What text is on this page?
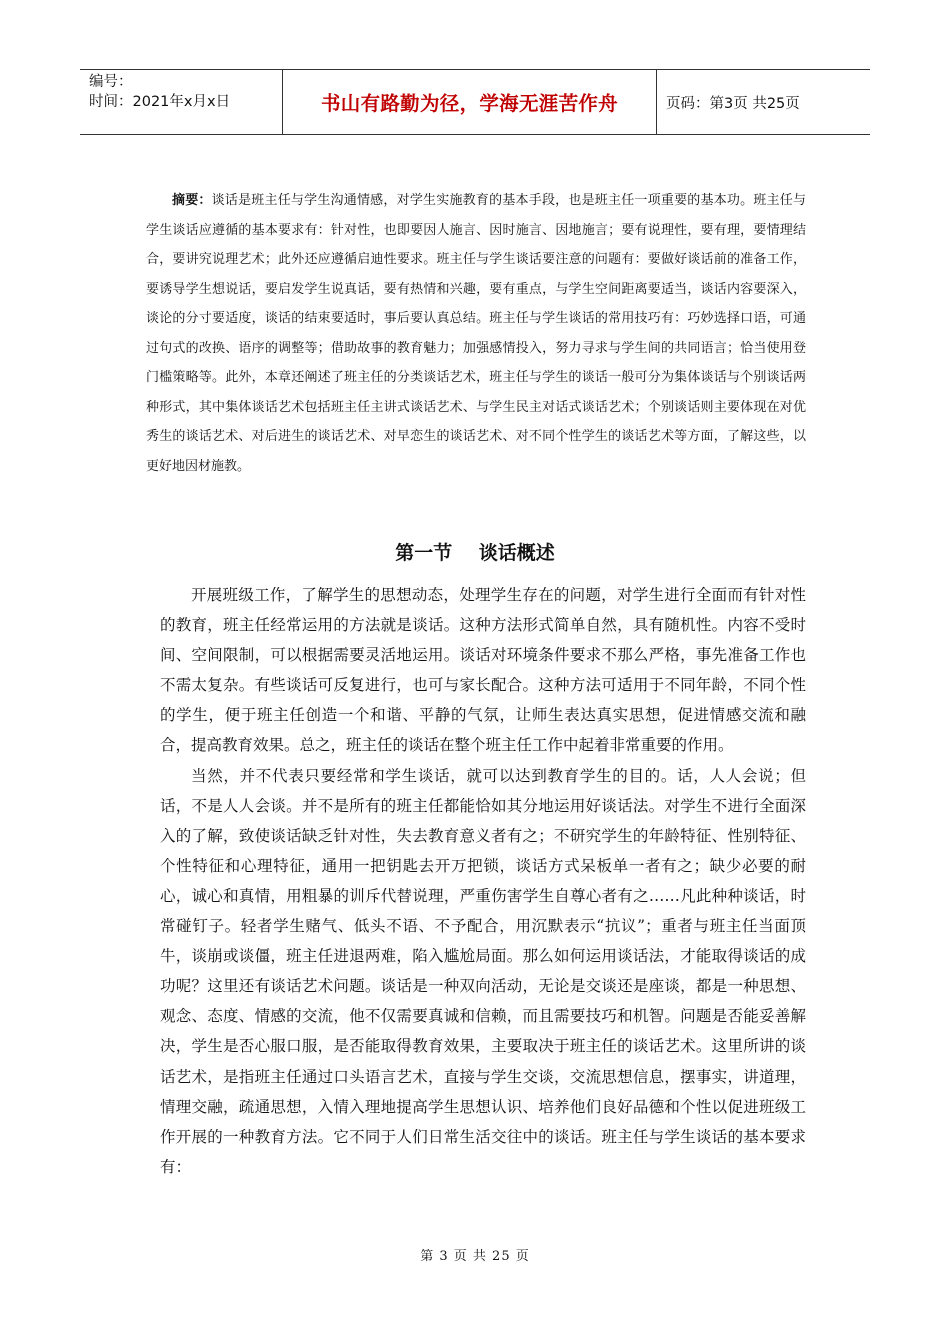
编号：
时间：2021年x月x日	书山有路勤为径，学海无涯苦作舟	页码：第3页 共25页
摘要：谈话是班主任与学生沟通情感，对学生实施教育的基本手段，也是班主任一项重要的基本功。班主任与学生谈话应遵循的基本要求有：针对性，也即要因人施言、因时施言、因地施言；要有说理性，要有理，要情理结合，要讲究说理艺术；此外还应遵循启迪性要求。班主任与学生谈话要注意的问题有：要做好谈话前的准备工作，要诱导学生想说话，要启发学生说真话，要有热情和兴趣，要有重点，与学生空间距离要适当，谈话内容要深入，谈论的分寸要适度，谈话的结束要适时，事后要认真总结。班主任与学生谈话的常用技巧有：巧妙选择口语，可通过句式的改换、语序的调整等；借助故事的教育魅力；加强感情投入，努力寻求与学生间的共同语言；恰当使用登门槛策略等。此外，本章还阐述了班主任的分类谈话艺术，班主任与学生的谈话一般可分为集体谈话与个别谈话两种形式，其中集体谈话艺术包括班主任主讲式谈话艺术、与学生民主对话式谈话艺术；个别谈话则主要体现在对优秀生的谈话艺术、对后进生的谈话艺术、对早恋生的谈话艺术、对不同个性学生的谈话艺术等方面，了解这些，以更好地因材施教。
第一节    谈话概述

开展班级工作，了解学生的思想动态，处理学生存在的问题，对学生进行全面而有针对性的教育，班主任经常运用的方法就是谈话。这种方法形式简单自然，具有随机性。内容不受时间、空间限制，可以根据需要灵活地运用。谈话对环境条件要求不那么严格，事先准备工作也不需太复杂。有些谈话可反复进行，也可与家长配合。这种方法可适用于不同年龄，不同个性的学生，便于班主任创造一个和谐、平静的气氛，让师生表达真实思想，促进情感交流和融合，提高教育效果。总之，班主任的谈话在整个班主任工作中起着非常重要的作用。

当然，并不代表只要经常和学生谈话，就可以达到教育学生的目的。话，人人会说；但话，不是人人会谈。并不是所有的班主任都能恰如其分地运用好谈话法。对学生不进行全面深入的了解，致使谈话缺乏针对性，失去教育意义者有之；不研究学生的年龄特征、性别特征、个性特征和心理特征，通用一把钥匙去开万把锁，谈话方式呆板单一者有之；缺少必要的耐心，诚心和真情，用粗暴的训斥代替说理，严重伤害学生自尊心者有之……凡此种种谈话，时常碰钉子。轻者学生赌气、低头不语、不予配合，用沉默表示“抗议”；重者与班主任当面顶牛，谈崩或谈僵，班主任进退两难，陷入尴尬局面。那么如何运用谈话法，才能取得谈话的成功呢？这里还有谈话艺术问题。谈话是一种双向活动，无论是交谈还是座谈，都是一种思想、观念、态度、情感的交流，他不仅需要真诚和信赖，而且需要技巧和机智。问题是否能妥善解决，学生是否心服口服，是否能取得教育效果，主要取决于班主任的谈话艺术。这里所讲的谈话艺术，是指班主任通过口头语言艺术，直接与学生交谈，交流思想信息，摆事实，讲道理，情理交融，疏通思想，入情入理地提高学生思想认识、培养他们良好品德和个性以促进班级工作开展的一种教育方法。它不同于人们日常生活交往中的谈话。班主任与学生谈话的基本要求有：

第 3 页 共 25 页
